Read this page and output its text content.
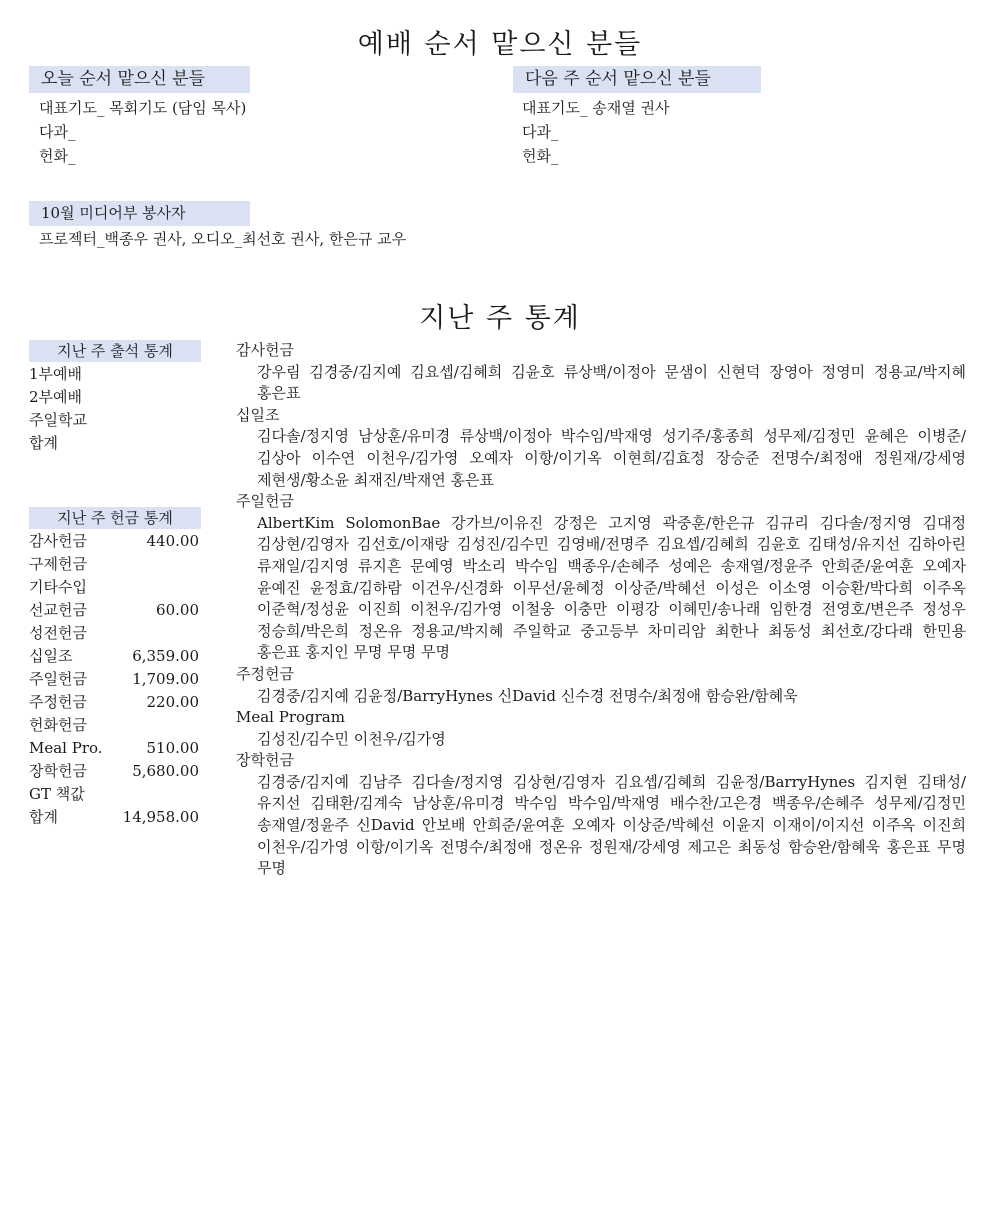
예배 순서 맡으신 분들
오늘 순서 맡으신 분들
대표기도_ 목회기도 (담임 목사)
다과_
헌화_
다음 주 순서 맡으신 분들
대표기도_ 송재열 권사
다과_
헌화_
10월 미디어부 봉사자
프로젝터_백종우 권사, 오디오_최선호 권사, 한은규 교우
지난 주 통계
지난 주 출석 통계
1부예배
2부예배
주일학교
합계
지난 주 헌금 통계
감사헌금	440.00
구제헌금
기타수입
선교헌금	60.00
성전헌금
십일조	6,359.00
주일헌금	1,709.00
주정헌금	220.00
헌화헌금
Meal Pro.	510.00
장학헌금	5,680.00
GT 책값
합계	14,958.00
감사헌금
강우림 김경중/김지예 김요셉/김혜희 김윤호 류상백/이정아 문샘이 신현덕 장영아 정영미 정용교/박지혜 홍은표
십일조
김다솔/정지영 남상훈/유미경 류상백/이정아 박수임/박재영 성기주/홍종희 성무제/김정민 윤혜은 이병준/김상아 이수연 이천우/김가영 오예자 이항/이기옥 이현희/김효정 장승준 전명수/최정애 정원재/강세영 제현생/황소윤 최재진/박재연 홍은표
주일헌금
AlbertKim SolomonBae 강가브/이유진 강정은 고지영 곽중훈/한은규 김규리 김다솔/정지영 김대정 김상현/김영자 김선호/이재랑 김성진/김수민 김영배/전명주 김요셉/김혜희 김윤호 김태성/유지선 김하아린 류재일/김지영 류지흔 문예영 박소리 박수임 백종우/손혜주 성예은 송재열/정윤주 안희준/윤여훈 오예자 윤예진 윤정효/김하람 이건우/신경화 이무선/윤혜정 이상준/박혜선 이성은 이소영 이승환/박다희 이주옥 이준혁/정성윤 이진희 이천우/김가영 이철웅 이충만 이평강 이혜민/송나래 임한경 전영호/변은주 정성우 정승희/박은희 정온유 정용교/박지혜 주일학교 중고등부 차미리암 최한나 최동성 최선호/강다래 한민용 홍은표 홍지인 무명 무명 무명
주정헌금
김경중/김지예 김윤정/BarryHynes 신David 신수경 전명수/최정애 함승완/함혜욱
Meal Program
김성진/김수민 이천우/김가영
장학헌금
김경중/김지예 김남주 김다솔/정지영 김상현/김영자 김요셉/김혜희 김윤정/BarryHynes 김지현 김태성/유지선 김태환/김계숙 남상훈/유미경 박수임 박수임/박재영 배수찬/고은경 백종우/손혜주 성무제/김정민 송재열/정윤주 신David 안보배 안희준/윤여훈 오예자 이상준/박혜선 이윤지 이재이/이지선 이주옥 이진희 이천우/김가영 이항/이기옥 전명수/최정애 정온유 정원재/강세영 제고은 최동성 함승완/함혜욱 홍은표 무명 무명
